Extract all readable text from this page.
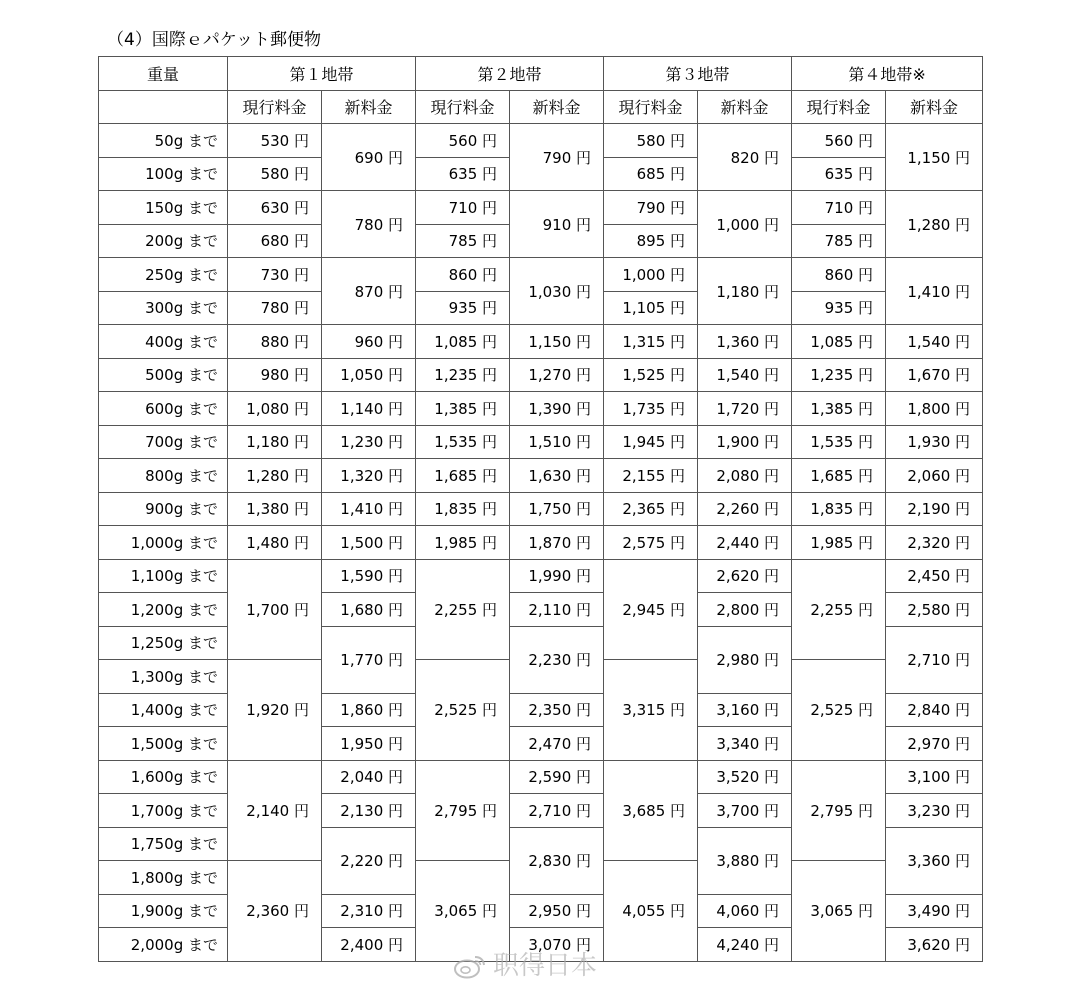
（4）国際ｅパケット郵便物
重量	第１地帯		第２地帯		第３地帯		第４地帯※	
	現行料金	新料金	現行料金	新料金	現行料金	新料金	現行料金	新料金
50g まで	530 円	690 円	560 円	790 円	580 円	820 円	560 円	1,150 円
100g まで	580 円		635 円		685 円		635 円	
150g まで	630 円	780 円	710 円	910 円	790 円	1,000 円	710 円	1,280 円
200g まで	680 円		785 円		895 円		785 円	
250g まで	730 円	870 円	860 円	1,030 円	1,000 円	1,180 円	860 円	1,410 円
300g まで	780 円		935 円		1,105 円		935 円	
400g まで	880 円	960 円	1,085 円	1,150 円	1,315 円	1,360 円	1,085 円	1,540 円
500g まで	980 円	1,050 円	1,235 円	1,270 円	1,525 円	1,540 円	1,235 円	1,670 円
600g まで	1,080 円	1,140 円	1,385 円	1,390 円	1,735 円	1,720 円	1,385 円	1,800 円
700g まで	1,180 円	1,230 円	1,535 円	1,510 円	1,945 円	1,900 円	1,535 円	1,930 円
800g まで	1,280 円	1,320 円	1,685 円	1,630 円	2,155 円	2,080 円	1,685 円	2,060 円
900g まで	1,380 円	1,410 円	1,835 円	1,750 円	2,365 円	2,260 円	1,835 円	2,190 円
1,000g まで	1,480 円	1,500 円	1,985 円	1,870 円	2,575 円	2,440 円	1,985 円	2,320 円
1,100g まで	1,700 円	1,590 円	2,255 円	1,990 円	2,945 円	2,620 円	2,255 円	2,450 円
1,200g まで		1,680 円		2,110 円		2,800 円		2,580 円
1,250g まで		1,770 円		2,230 円		2,980 円		2,710 円
1,300g まで	1,920 円		2,525 円		3,315 円		2,525 円	
1,400g まで		1,860 円		2,350 円		3,160 円		2,840 円
1,500g まで		1,950 円		2,470 円		3,340 円		2,970 円
1,600g まで	2,140 円	2,040 円	2,795 円	2,590 円	3,685 円	3,520 円	2,795 円	3,100 円
1,700g まで		2,130 円		2,710 円		3,700 円		3,230 円
1,750g まで		2,220 円		2,830 円		3,880 円		3,360 円
1,800g まで	2,360 円		3,065 円		4,055 円		3,065 円	
1,900g まで		2,310 円		2,950 円		4,060 円		3,490 円
2,000g まで		2,400 円		3,070 円		4,240 円		3,620 円
职得日本
